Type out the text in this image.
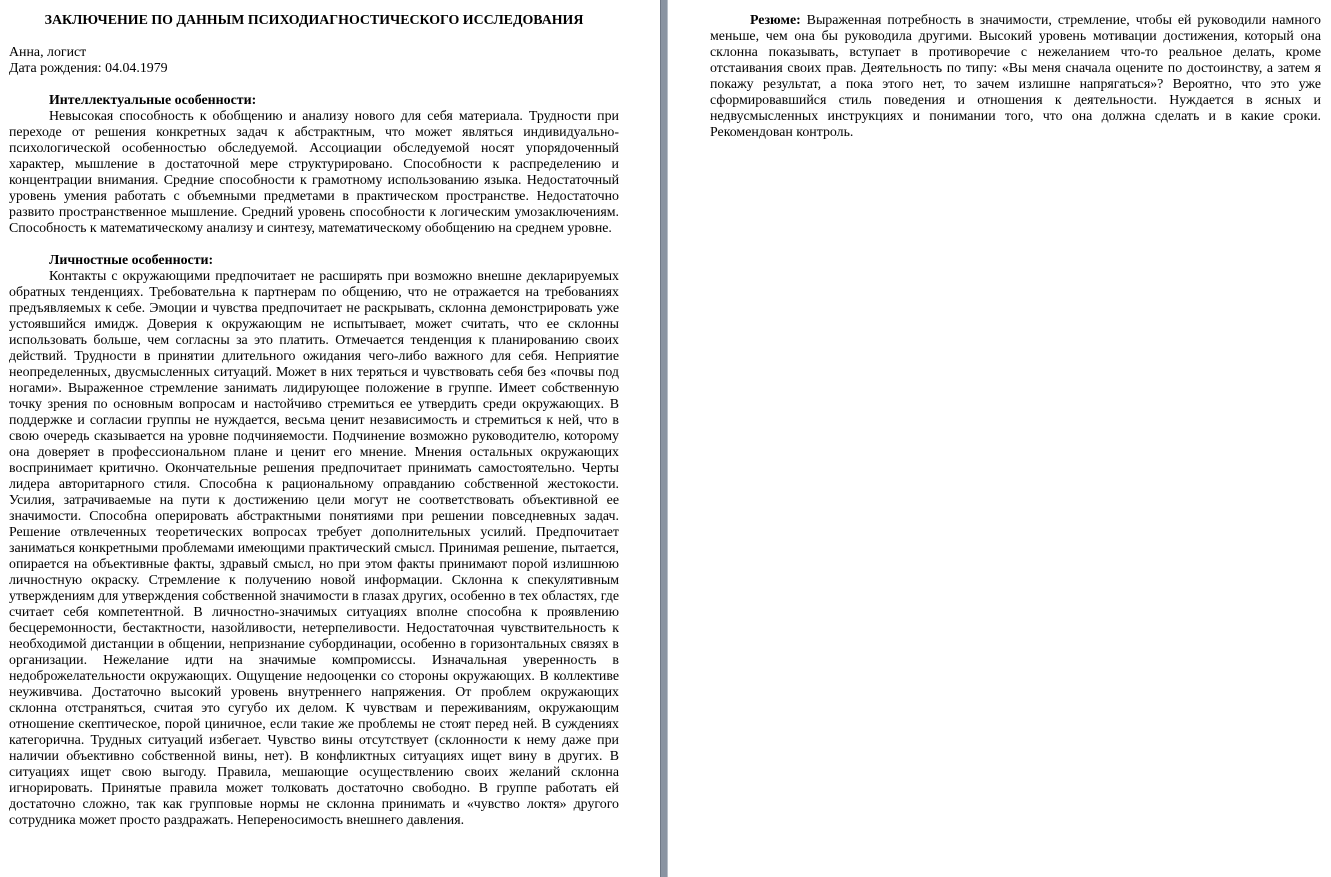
ЗАКЛЮЧЕНИЕ ПО ДАННЫМ ПСИХОДИАГНОСТИЧЕСКОГО ИССЛЕДОВАНИЯ

Анна, логист

Дата рождения: 04.04.1979

Интеллектуальные особенности:

Невысокая способность к обобщению и анализу нового для себя материала. Трудности при переходе от решения конкретных задач к абстрактным, что может являться индивидуально-психологической особенностью обследуемой. Ассоциации обследуемой носят упорядоченный характер, мышление в достаточной мере структурировано. Способности к распределению и концентрации внимания. Средние способности к грамотному использованию языка. Недостаточный уровень умения работать с объемными предметами в практическом пространстве. Недостаточно развито пространственное мышление. Средний уровень способности к логическим умозаключениям. Способность к математическому анализу и синтезу, математическому обобщению на среднем уровне.

Личностные особенности:

Контакты с окружающими предпочитает не расширять при возможно внешне декларируемых обратных тенденциях. Требовательна к партнерам по общению, что не отражается на требованиях предъявляемых к себе. Эмоции и чувства предпочитает не раскрывать, склонна демонстрировать уже устоявшийся имидж. Доверия к окружающим не испытывает, может считать, что ее склонны использовать больше, чем согласны за это платить. Отмечается тенденция к планированию своих действий. Трудности в принятии длительного ожидания чего-либо важного для себя. Неприятие неопределенных, двусмысленных ситуаций. Может в них теряться и чувствовать себя без «почвы под ногами». Выраженное стремление занимать лидирующее положение в группе. Имеет собственную точку зрения по основным вопросам и настойчиво стремиться ее утвердить среди окружающих. В поддержке и согласии группы не нуждается, весьма ценит независимость и стремиться к ней, что в свою очередь сказывается на уровне подчиняемости. Подчинение возможно руководителю, которому она доверяет в профессиональном плане и ценит его мнение. Мнения остальных окружающих воспринимает критично. Окончательные решения предпочитает принимать самостоятельно. Черты лидера авторитарного стиля. Способна к рациональному оправданию собственной жестокости. Усилия, затрачиваемые на пути к достижению цели могут не соответствовать объективной ее значимости. Способна оперировать абстрактными понятиями при решении повседневных задач. Решение отвлеченных теоретических вопросах требует дополнительных усилий. Предпочитает заниматься конкретными проблемами имеющими практический смысл. Принимая решение, пытается, опирается на объективные факты, здравый смысл, но при этом факты принимают порой излишнюю личностную окраску. Стремление к получению новой информации. Склонна к спекулятивным утверждениям для утверждения собственной значимости в глазах других, особенно в тех областях, где считает себя компетентной. В личностно-значимых ситуациях вполне способна к проявлению бесцеремонности, бестактности, назойливости, нетерпеливости. Недостаточная чувствительность к необходимой дистанции в общении, непризнание субординации, особенно в горизонтальных связях в организации. Нежелание идти на значимые компромиссы. Изначальная уверенность в недоброжелательности окружающих. Ощущение недооценки со стороны окружающих. В коллективе неуживчива. Достаточно высокий уровень внутреннего напряжения. От проблем окружающих склонна отстраняться, считая это сугубо их делом. К чувствам и переживаниям, окружающим отношение скептическое, порой циничное, если такие же проблемы не стоят перед ней. В суждениях категорична. Трудных ситуаций избегает. Чувство вины отсутствует (склонности к нему даже при наличии объективно собственной вины, нет). В конфликтных ситуациях ищет вину в других. В ситуациях ищет свою выгоду. Правила, мешающие осуществлению своих желаний склонна игнорировать. Принятые правила может толковать достаточно свободно. В группе работать ей достаточно сложно, так как групповые нормы не склонна принимать и «чувство локтя» другого сотрудника может просто раздражать. Непереносимость внешнего давления.

Резюме: Выраженная потребность в значимости, стремление, чтобы ей руководили намного меньше, чем она бы руководила другими. Высокий уровень мотивации достижения, который она склонна показывать, вступает в противоречие с нежеланием что-то реальное делать, кроме отстаивания своих прав. Деятельность по типу: «Вы меня сначала оцените по достоинству, а затем я покажу результат, а пока этого нет, то зачем излишне напрягаться»? Вероятно, что это уже сформировавшийся стиль поведения и отношения к деятельности. Нуждается в ясных и недвусмысленных инструкциях и понимании того, что она должна сделать и в какие сроки. Рекомендован контроль.
